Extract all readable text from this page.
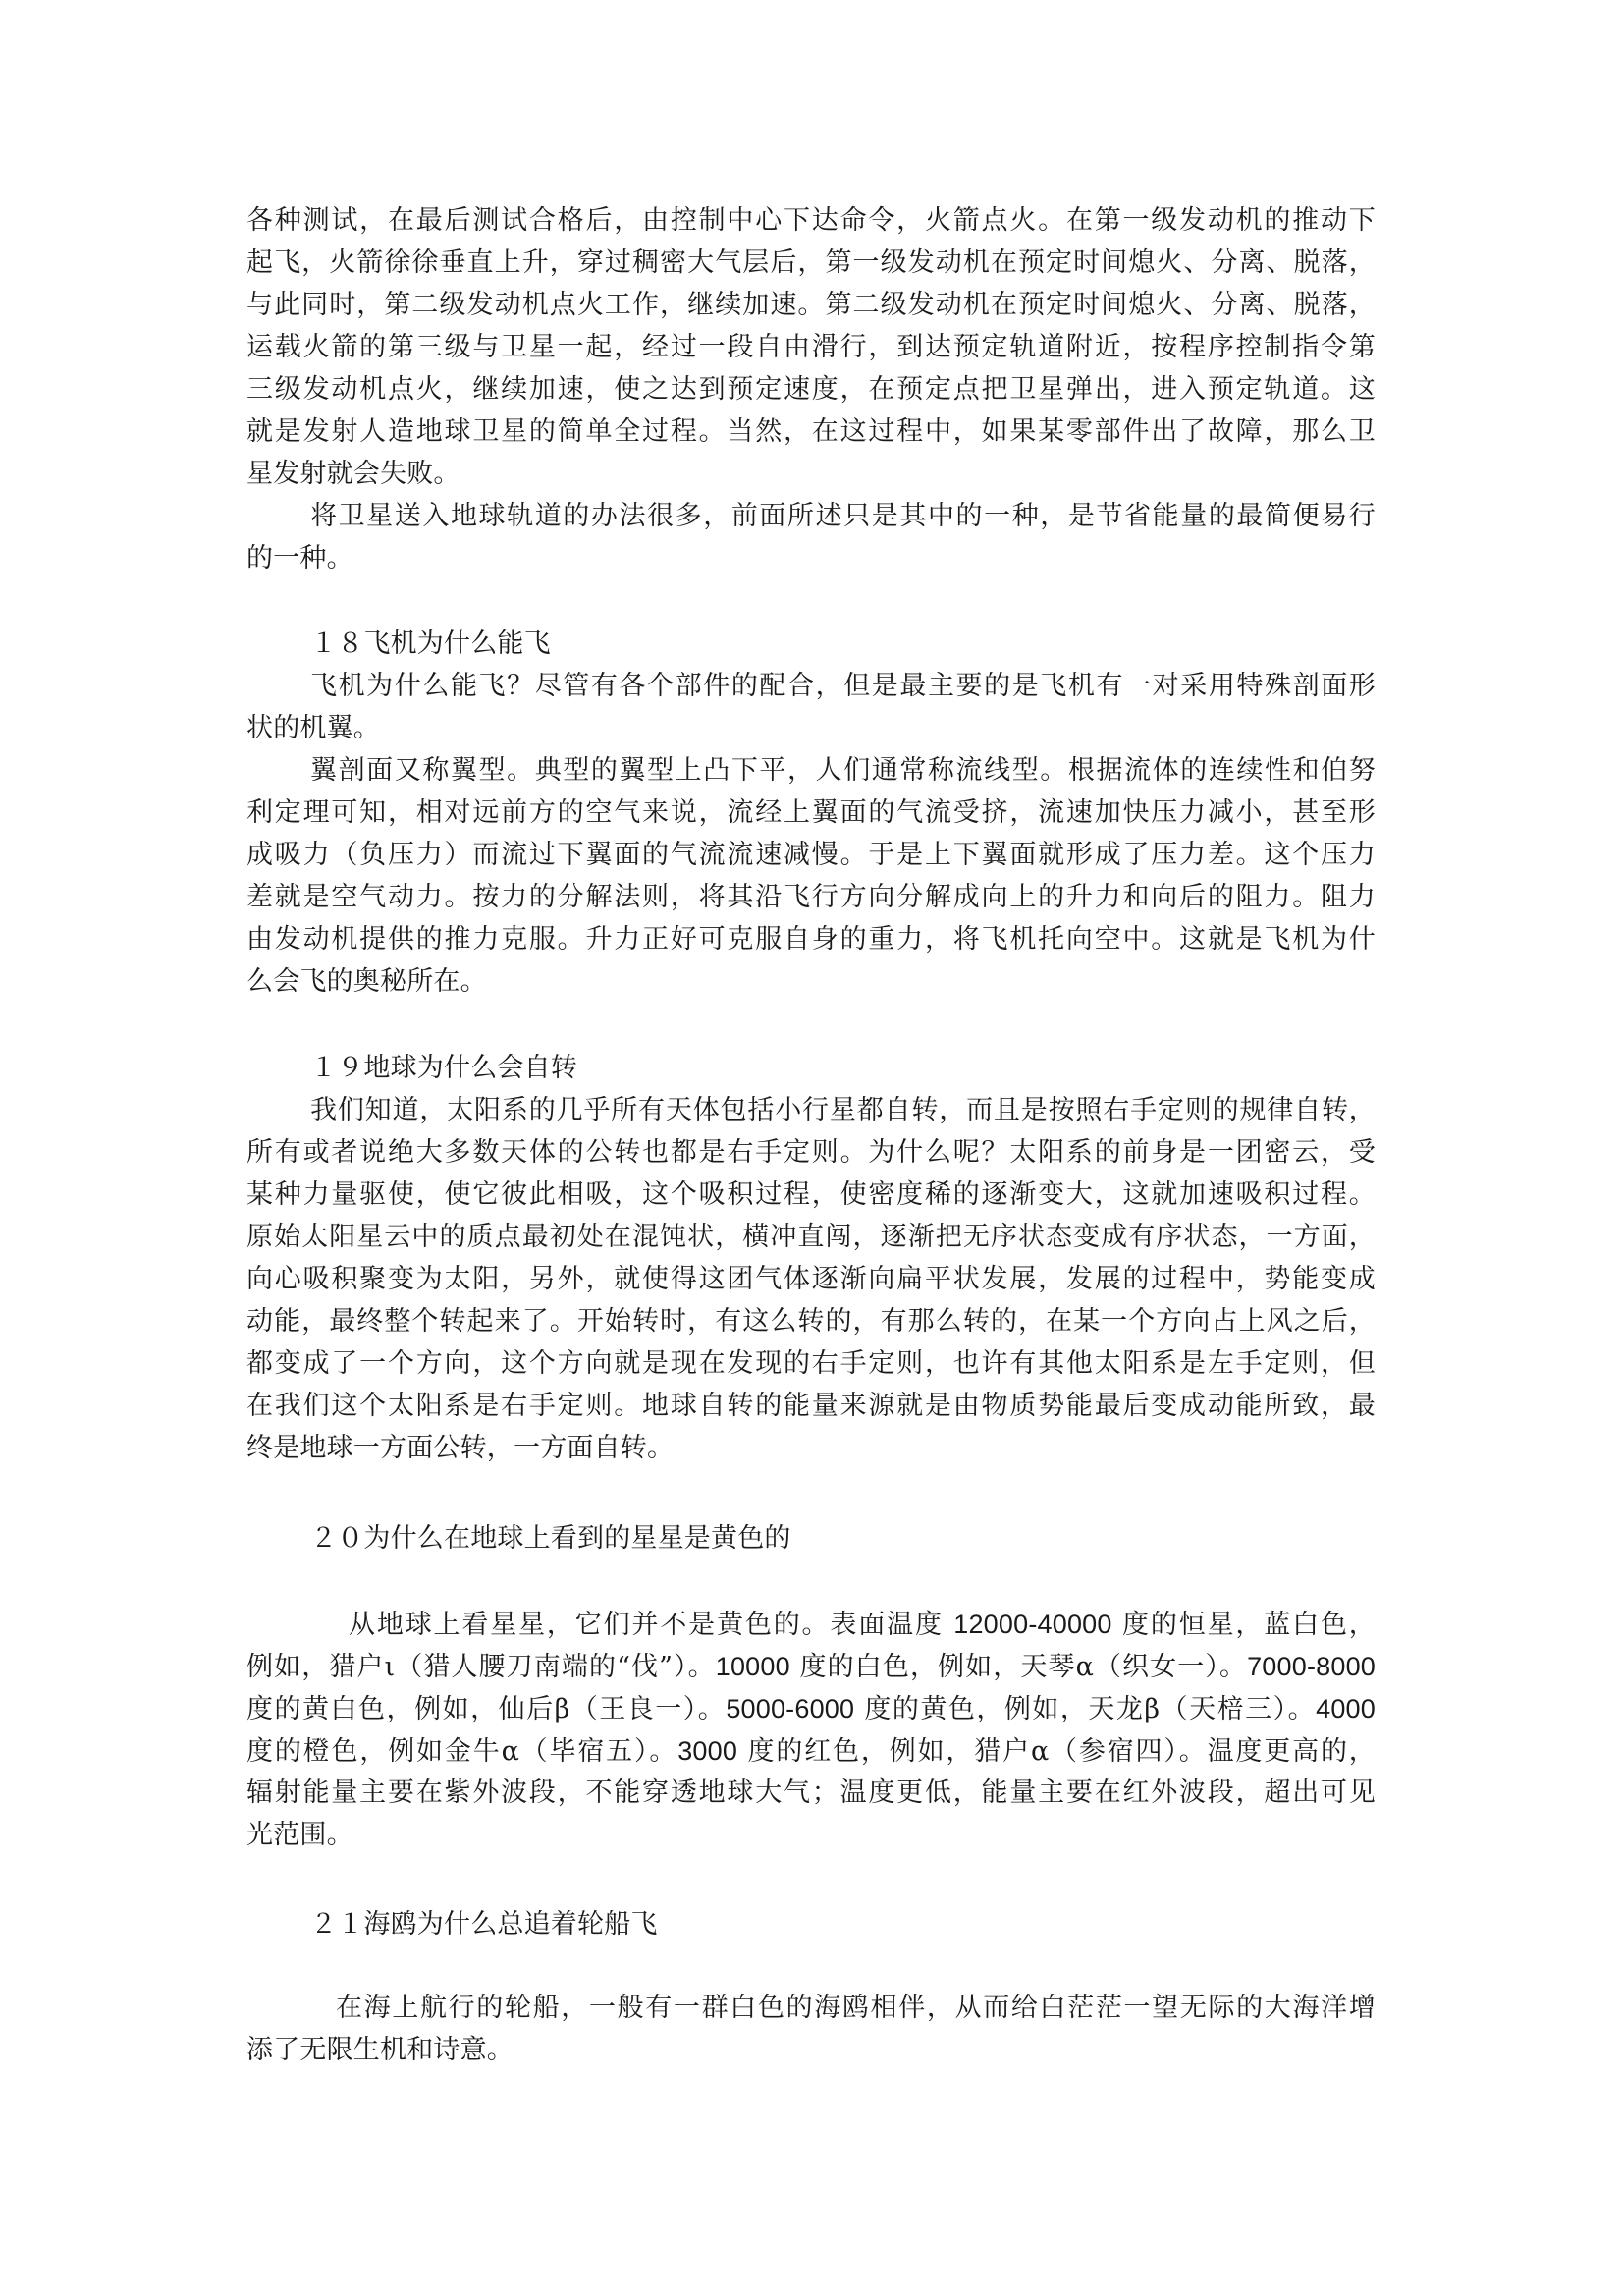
各种测试，在最后测试合格后，由控制中心下达命令，火箭点火。在第一级发动机的推动下
起飞，火箭徐徐垂直上升，穿过稠密大气层后，第一级发动机在预定时间熄火、分离、脱落，
与此同时，第二级发动机点火工作，继续加速。第二级发动机在预定时间熄火、分离、脱落，
运载火箭的第三级与卫星一起，经过一段自由滑行，到达预定轨道附近，按程序控制指令第
三级发动机点火，继续加速，使之达到预定速度，在预定点把卫星弹出，进入预定轨道。这
就是发射人造地球卫星的简单全过程。当然，在这过程中，如果某零部件出了故障，那么卫
星发射就会失败。
将卫星送入地球轨道的办法很多，前面所述只是其中的一种，是节省能量的最简便易行
的一种。
１８飞机为什么能飞
飞机为什么能飞？尽管有各个部件的配合，但是最主要的是飞机有一对采用特殊剖面形
状的机翼。
翼剖面又称翼型。典型的翼型上凸下平，人们通常称流线型。根据流体的连续性和伯努
利定理可知，相对远前方的空气来说，流经上翼面的气流受挤，流速加快压力减小，甚至形
成吸力（负压力）而流过下翼面的气流流速减慢。于是上下翼面就形成了压力差。这个压力
差就是空气动力。按力的分解法则，将其沿飞行方向分解成向上的升力和向后的阻力。阻力
由发动机提供的推力克服。升力正好可克服自身的重力，将飞机托向空中。这就是飞机为什
么会飞的奥秘所在。
１９地球为什么会自转
我们知道，太阳系的几乎所有天体包括小行星都自转，而且是按照右手定则的规律自转，
所有或者说绝大多数天体的公转也都是右手定则。为什么呢？太阳系的前身是一团密云，受
某种力量驱使，使它彼此相吸，这个吸积过程，使密度稀的逐渐变大，这就加速吸积过程。
原始太阳星云中的质点最初处在混饨状，横冲直闯，逐渐把无序状态变成有序状态，一方面，
向心吸积聚变为太阳，另外，就使得这团气体逐渐向扁平状发展，发展的过程中，势能变成
动能，最终整个转起来了。开始转时，有这么转的，有那么转的，在某一个方向占上风之后，
都变成了一个方向，这个方向就是现在发现的右手定则，也许有其他太阳系是左手定则，但
在我们这个太阳系是右手定则。地球自转的能量来源就是由物质势能最后变成动能所致，最
终是地球一方面公转，一方面自转。
２０为什么在地球上看到的星星是黄色的
从地球上看星星，它们并不是黄色的。表面温度 12000-40000 度的恒星，蓝白色，
例如，猎户ι（猎人腰刀南端的“伐”）。10000 度的白色，例如，天琴α（织女一）。7000-8000
度的黄白色，例如，仙后β（王良一）。5000-6000 度的黄色，例如，天龙β（天棓三）。4000
度的橙色，例如金牛α（毕宿五）。3000 度的红色，例如，猎户α（参宿四）。温度更高的，
辐射能量主要在紫外波段，不能穿透地球大气；温度更低，能量主要在红外波段，超出可见
光范围。
２１海鸥为什么总追着轮船飞
在海上航行的轮船，一般有一群白色的海鸥相伴，从而给白茫茫一望无际的大海洋增
添了无限生机和诗意。
